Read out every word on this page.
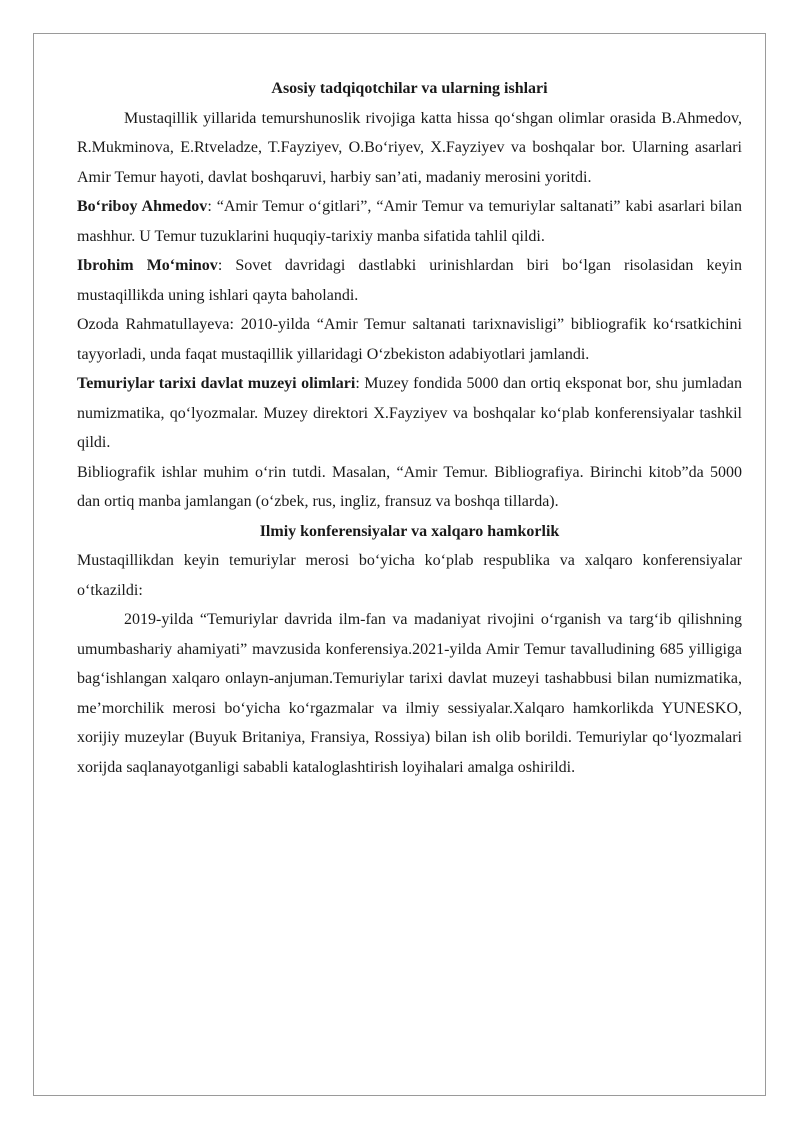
Asosiy tadqiqotchilar va ularning ishlari

Mustaqillik yillarida temurshunoslik rivojiga katta hissa qo‘shgan olimlar orasida B.Ahmedov, R.Mukminova, E.Rtveladze, T.Fayziyev, O.Bo‘riyev, X.Fayziyev va boshqalar bor. Ularning asarlari Amir Temur hayoti, davlat boshqaruvi, harbiy san’ati, madaniy merosini yoritdi.

Bo‘riboy Ahmedov: “Amir Temur o‘gitlari”, “Amir Temur va temuriylar saltanati” kabi asarlari bilan mashhur. U Temur tuzuklarini huquqiy-tarixiy manba sifatida tahlil qildi.

Ibrohim Mo‘minov: Sovet davridagi dastlabki urinishlardan biri bo‘lgan risolasidan keyin mustaqillikda uning ishlari qayta baholandi.

Ozoda Rahmatullayeva: 2010-yilda “Amir Temur saltanati tarixnavisligi” bibliografik ko‘rsatkichini tayyorladi, unda faqat mustaqillik yillaridagi O‘zbekiston adabiyotlari jamlandi.

Temuriylar tarixi davlat muzeyi olimlari: Muzey fondida 5000 dan ortiq eksponat bor, shu jumladan numizmatika, qo‘lyozmalar. Muzey direktori X.Fayziyev va boshqalar ko‘plab konferensiyalar tashkil qildi.

Bibliografik ishlar muhim o‘rin tutdi. Masalan, “Amir Temur. Bibliografiya. Birinchi kitob”da 5000 dan ortiq manba jamlangan (o‘zbek, rus, ingliz, fransuz va boshqa tillarda).

Ilmiy konferensiyalar va xalqaro hamkorlik

Mustaqillikdan keyin temuriylar merosi bo‘yicha ko‘plab respublika va xalqaro konferensiyalar o‘tkazildi:

2019-yilda “Temuriylar davrida ilm-fan va madaniyat rivojini o‘rganish va targ‘ib qilishning umumbashariy ahamiyati” mavzusida konferensiya.2021-yilda Amir Temur tavalludining 685 yilligiga bag‘ishlangan xalqaro onlayn-anjuman.Temuriylar tarixi davlat muzeyi tashabbusi bilan numizmatika, me’morchilik merosi bo‘yicha ko‘rgazmalar va ilmiy sessiyalar.Xalqaro hamkorlikda YUNESKO, xorijiy muzeylar (Buyuk Britaniya, Fransiya, Rossiya) bilan ish olib borildi. Temuriylar qo‘lyozmalari xorijda saqlanayotganligi sababli kataloglashtirish loyihalari amalga oshirildi.
